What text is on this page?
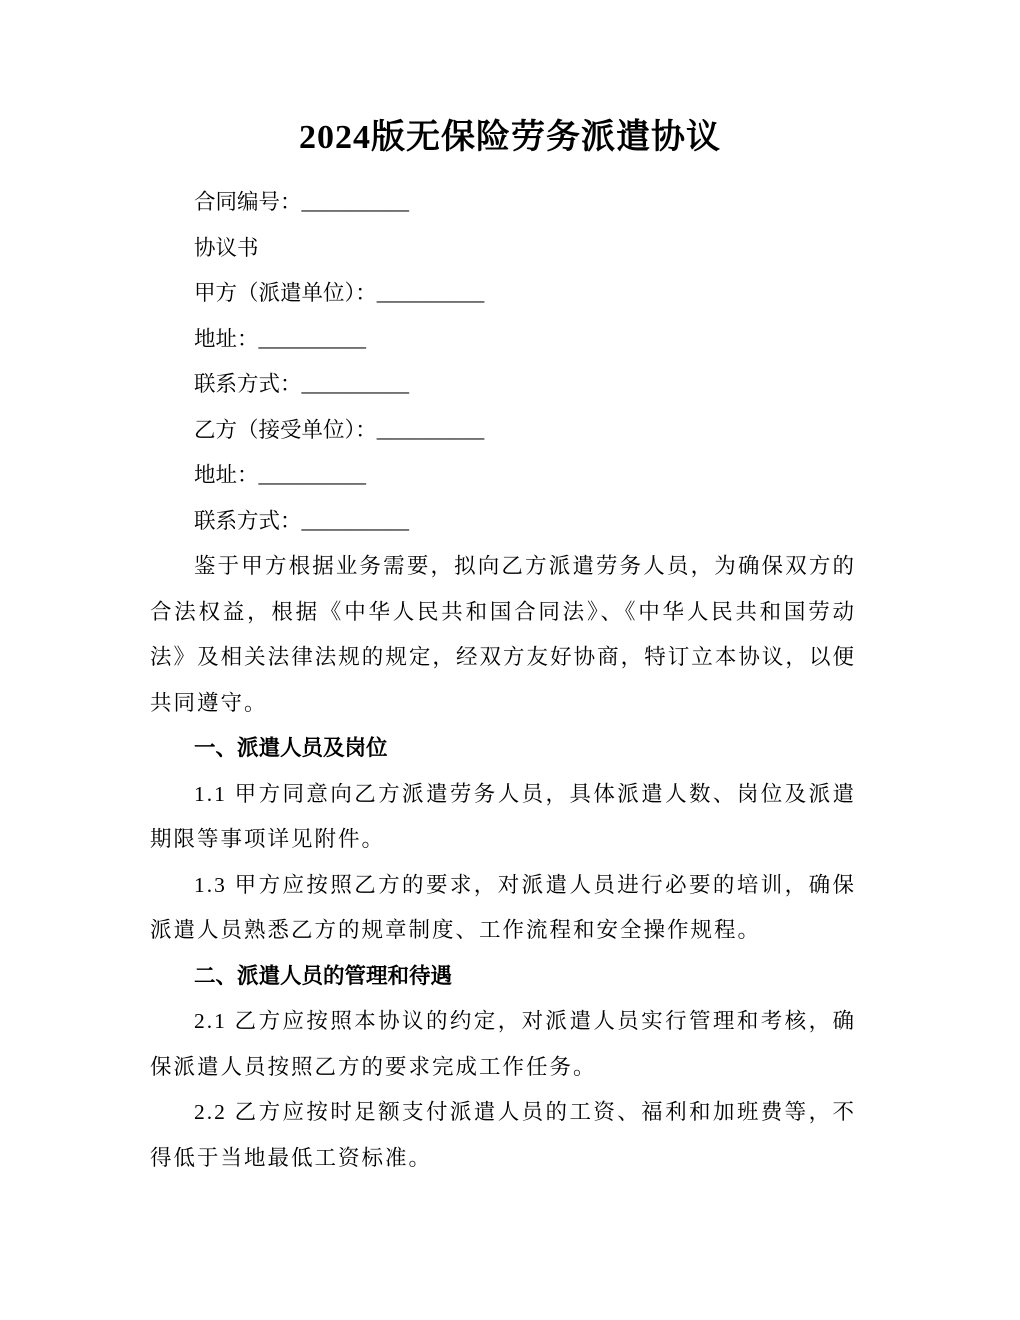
2024版无保险劳务派遣协议

合同编号：__________

协议书

甲方（派遣单位）：__________

地址：__________

联系方式：__________

乙方（接受单位）：__________

地址：__________

联系方式：__________

鉴于甲方根据业务需要，拟向乙方派遣劳务人员，为确保双方的合法权益，根据《中华人民共和国合同法》、《中华人民共和国劳动法》及相关法律法规的规定，经双方友好协商，特订立本协议，以便共同遵守。

一、派遣人员及岗位

1.1 甲方同意向乙方派遣劳务人员，具体派遣人数、岗位及派遣期限等事项详见附件。

1.3 甲方应按照乙方的要求，对派遣人员进行必要的培训，确保派遣人员熟悉乙方的规章制度、工作流程和安全操作规程。

二、派遣人员的管理和待遇

2.1 乙方应按照本协议的约定，对派遣人员实行管理和考核，确保派遣人员按照乙方的要求完成工作任务。

2.2 乙方应按时足额支付派遣人员的工资、福利和加班费等，不得低于当地最低工资标准。
